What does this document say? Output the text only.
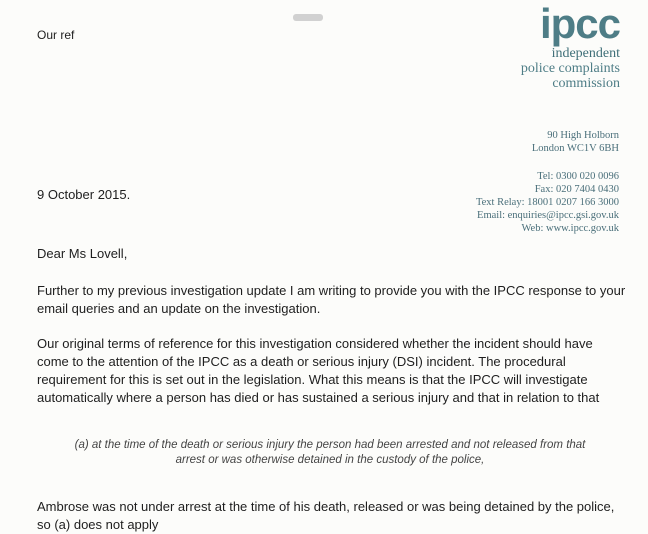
Our ref	ipcc
independent
police complaints
commission
90 High Holborn
London WC1V 6BH
Tel: 0300 020 0096
Fax: 020 7404 0430
Text Relay: 18001 0207 166 3000
Email: enquiries@ipcc.gsi.gov.uk
Web: www.ipcc.gov.uk
9 October 2015.
Dear Ms Lovell,
Further to my previous investigation update I am writing to provide you with the IPCC response to your email queries and an update on the investigation.
Our original terms of reference for this investigation considered whether the incident should have come to the attention of the IPCC as a death or serious injury (DSI) incident. The procedural requirement for this is set out in the legislation. What this means is that the IPCC will investigate automatically where a person has died or has sustained a serious injury and that in relation to that
(a) at the time of the death or serious injury the person had been arrested and not released from that arrest or was otherwise detained in the custody of the police,
Ambrose was not under arrest at the time of his death, released or was being detained by the police, so (a) does not apply
